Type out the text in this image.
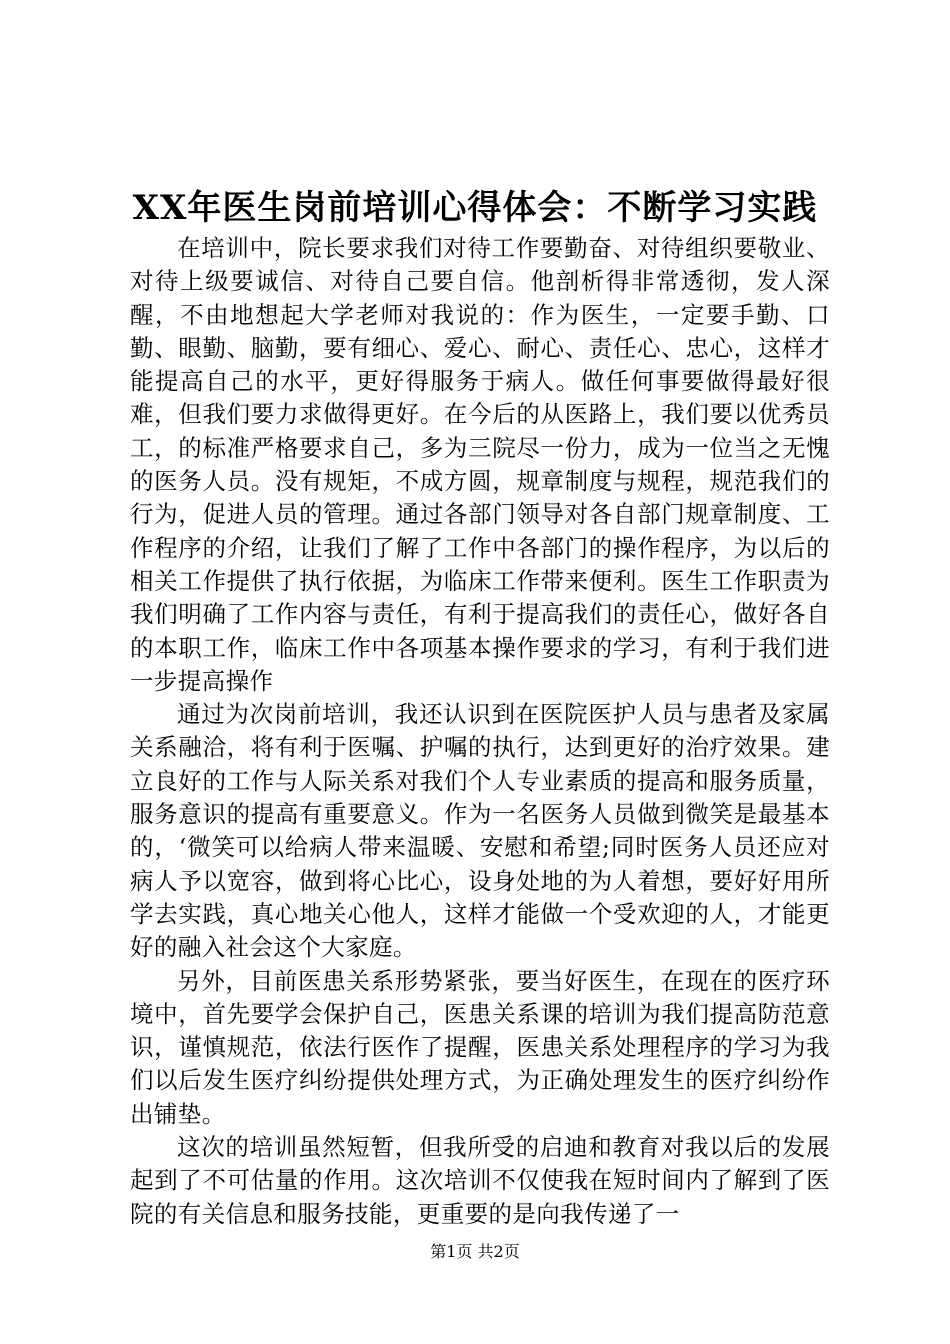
XX年医生岗前培训心得体会：不断学习实践

在培训中，院长要求我们对待工作要勤奋、对待组织要敬业、对待上级要诚信、对待自己要自信。他剖析得非常透彻，发人深醒，不由地想起大学老师对我说的：作为医生，一定要手勤、口勤、眼勤、脑勤，要有细心、爱心、耐心、责任心、忠心，这样才能提高自己的水平，更好得服务于病人。做任何事要做得最好很难，但我们要力求做得更好。在今后的从医路上，我们要以优秀员工，的标准严格要求自己，多为三院尽一份力，成为一位当之无愧的医务人员。没有规矩，不成方圆，规章制度与规程，规范我们的行为，促进人员的管理。通过各部门领导对各自部门规章制度、工作程序的介绍，让我们了解了工作中各部门的操作程序，为以后的相关工作提供了执行依据，为临床工作带来便利。医生工作职责为我们明确了工作内容与责任，有利于提高我们的责任心，做好各自的本职工作，临床工作中各项基本操作要求的学习，有利于我们进一步提高操作

通过为次岗前培训，我还认识到在医院医护人员与患者及家属关系融洽，将有利于医嘱、护嘱的执行，达到更好的治疗效果。建立良好的工作与人际关系对我们个人专业素质的提高和服务质量，服务意识的提高有重要意义。作为一名医务人员做到微笑是最基本的，‘微笑可以给病人带来温暖、安慰和希望;同时医务人员还应对病人予以宽容，做到将心比心，设身处地的为人着想，要好好用所学去实践，真心地关心他人，这样才能做一个受欢迎的人，才能更好的融入社会这个大家庭。

另外，目前医患关系形势紧张，要当好医生，在现在的医疗环境中，首先要学会保护自己，医患关系课的培训为我们提高防范意识，谨慎规范，依法行医作了提醒，医患关系处理程序的学习为我们以后发生医疗纠纷提供处理方式，为正确处理发生的医疗纠纷作出铺垫。

这次的培训虽然短暂，但我所受的启迪和教育对我以后的发展起到了不可估量的作用。这次培训不仅使我在短时间内了解到了医院的有关信息和服务技能，更重要的是向我传递了一

第1页 共2页
